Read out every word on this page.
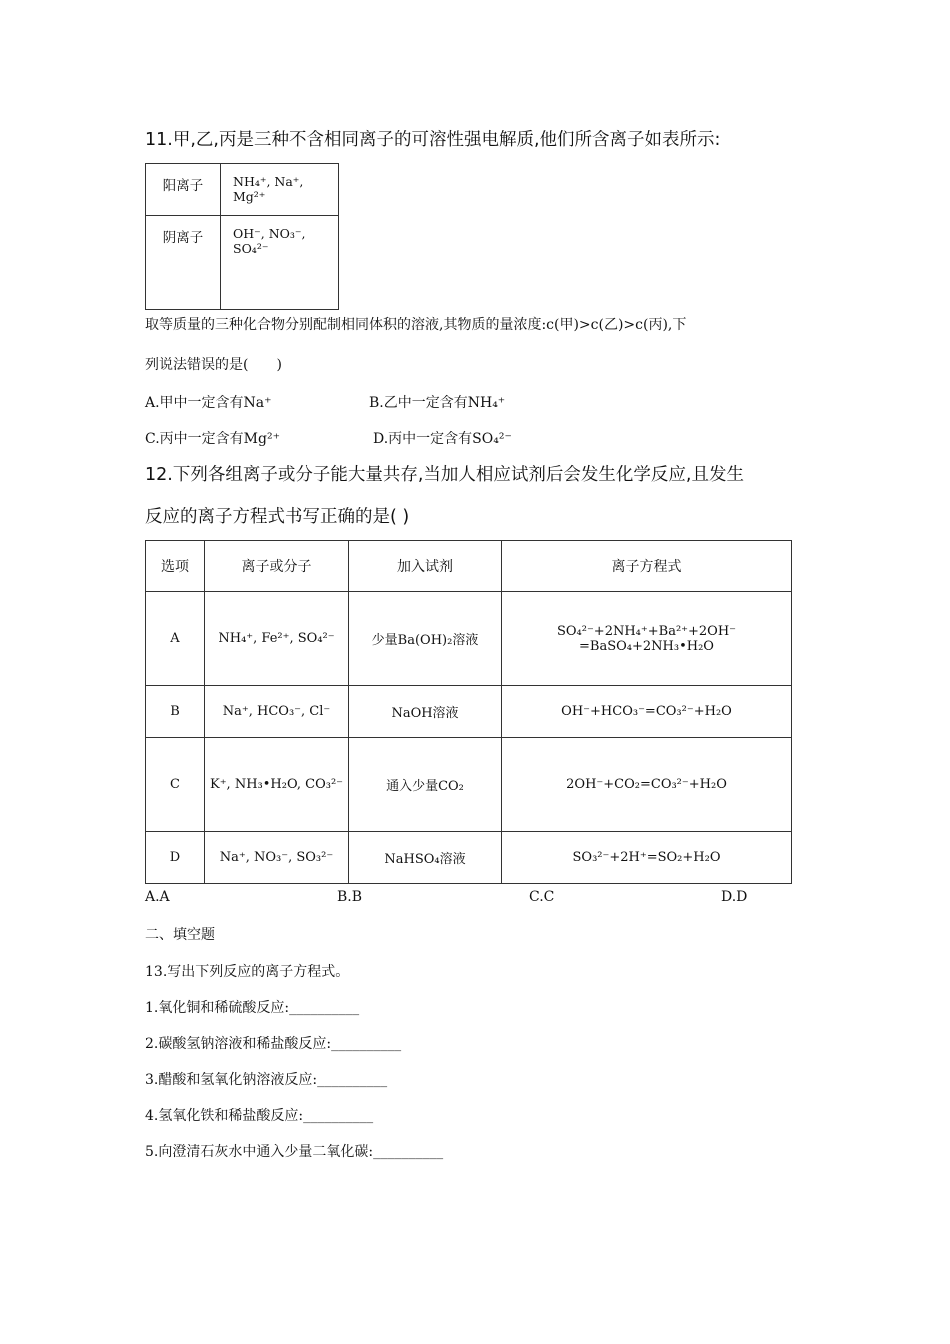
11.甲,乙,丙是三种不含相同离子的可溶性强电解质,他们所含离子如表所示:
阳离子	NH₄⁺, Na⁺, Mg²⁺
阴离子	OH⁻, NO₃⁻, SO₄²⁻
取等质量的三种化合物分别配制相同体积的溶液,其物质的量浓度:c(甲)>c(乙)>c(丙),下
列说法错误的是(　　)
A.甲中一定含有Na⁺	B.乙中一定含有NH₄⁺
C.丙中一定含有Mg²⁺	D.丙中一定含有SO₄²⁻
12.下列各组离子或分子能大量共存,当加人相应试剂后会发生化学反应,且发生
反应的离子方程式书写正确的是( )
选项	离子或分子	加入试剂	离子方程式
A	NH₄⁺, Fe²⁺, SO₄²⁻	少量Ba(OH)₂溶液	SO₄²⁻+2NH₄⁺+Ba²⁺+2OH⁻ =BaSO₄+2NH₃•H₂O
B	Na⁺, HCO₃⁻, Cl⁻	NaOH溶液	OH⁻+HCO₃⁻=CO₃²⁻+H₂O
C	K⁺, NH₃•H₂O, CO₃²⁻	通入少量CO₂	2OH⁻+CO₂=CO₃²⁻+H₂O
D	Na⁺, NO₃⁻, SO₃²⁻	NaHSO₄溶液	SO₃²⁻+2H⁺=SO₂+H₂O
A.A	B.B	C.C	D.D
二、填空题
13.写出下列反应的离子方程式。
1.氧化铜和稀硫酸反应:__________
2.碳酸氢钠溶液和稀盐酸反应:__________
3.醋酸和氢氧化钠溶液反应:__________
4.氢氧化铁和稀盐酸反应:__________
5.向澄清石灰水中通入少量二氧化碳:__________
